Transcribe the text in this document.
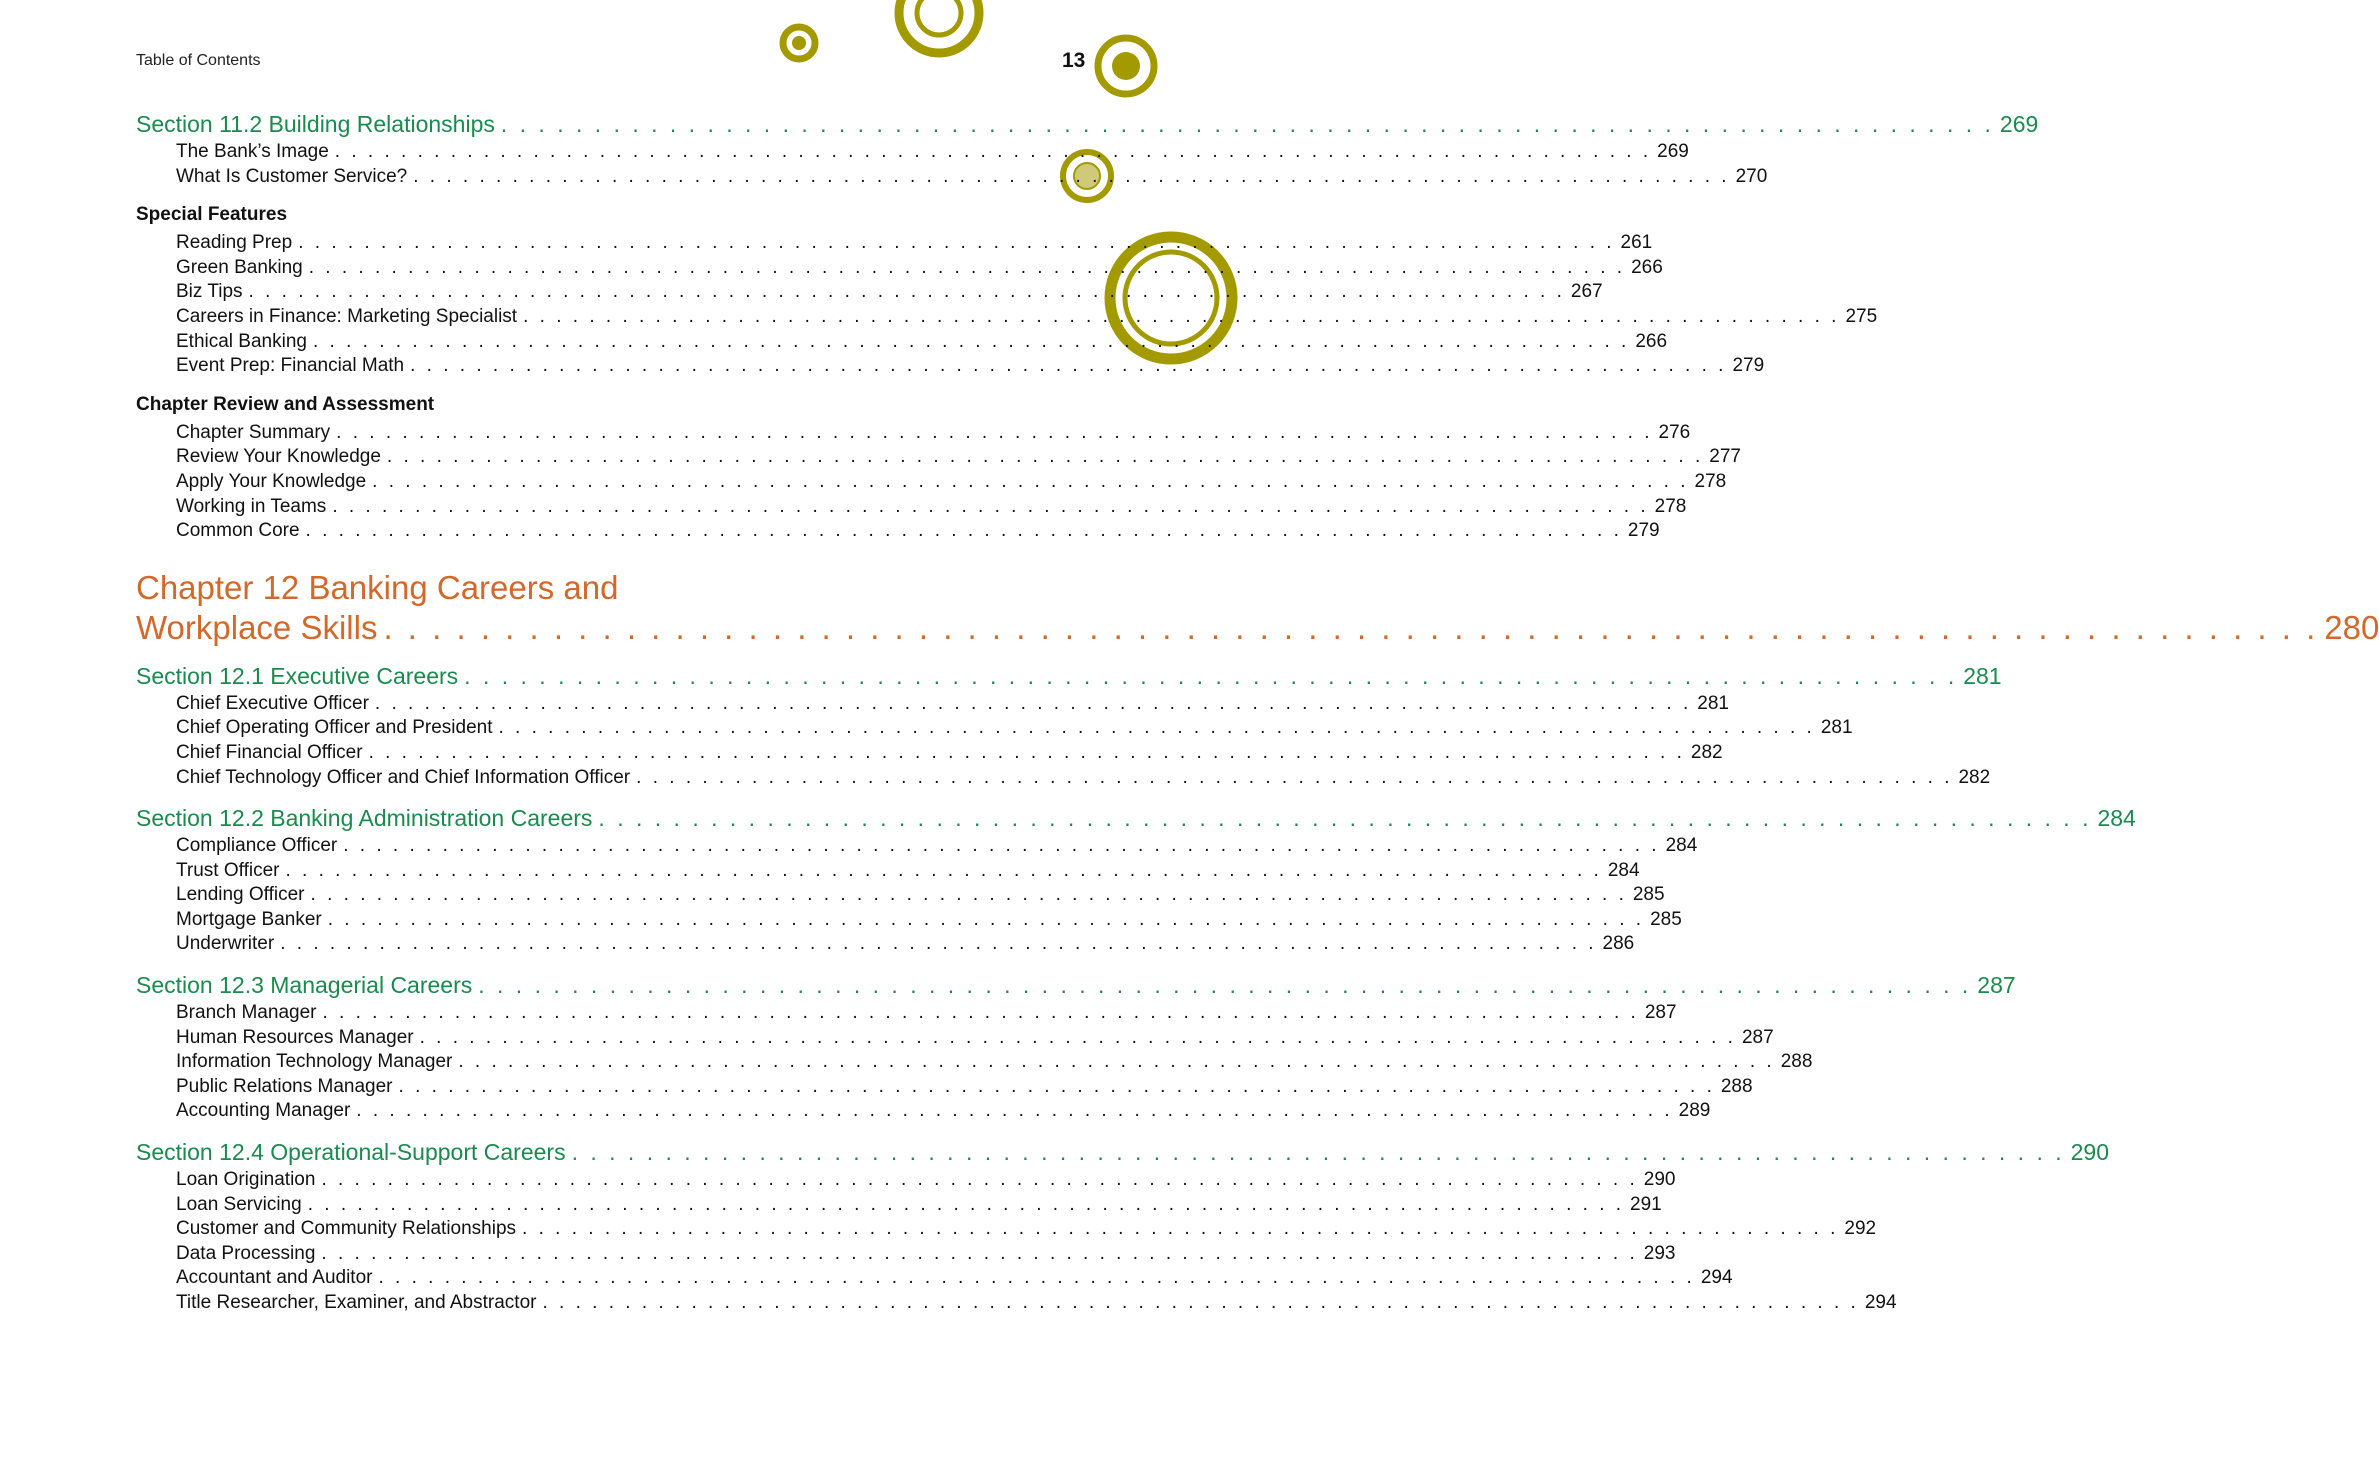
Table of Contents	13
Section 11.2 Building Relationships . . . . . . . . . . . . . . . . . . . . . . . . . . . . . . . . . . . . . . . . . . . . . . . . . . . . . . . . . . . . . . . . . . . . . . . . . . . . . . . . 269
The Bank’s Image . . . . . . . . . . . . . . . . . . . . . . . . . . . . . . . . . . . . . . . . . . . . . . . . . . . . . . . . . . . . . . . . . . . . . . . . . . . . . . . . 269
What Is Customer Service? . . . . . . . . . . . . . . . . . . . . . . . . . . . . . . . . . . . . . . . . . . . . . . . . . . . . . . . . . . . . . . . . . . . . . . . . . . . . . . . . 270
Special Features
Reading Prep . . . . . . . . . . . . . . . . . . . . . . . . . . . . . . . . . . . . . . . . . . . . . . . . . . . . . . . . . . . . . . . . . . . . . . . . . . . . . . . . 261
Green Banking . . . . . . . . . . . . . . . . . . . . . . . . . . . . . . . . . . . . . . . . . . . . . . . . . . . . . . . . . . . . . . . . . . . . . . . . . . . . . . . . 266
Biz Tips . . . . . . . . . . . . . . . . . . . . . . . . . . . . . . . . . . . . . . . . . . . . . . . . . . . . . . . . . . . . . . . . . . . . . . . . . . . . . . . . 267
Careers in Finance: Marketing Specialist . . . . . . . . . . . . . . . . . . . . . . . . . . . . . . . . . . . . . . . . . . . . . . . . . . . . . . . . . . . . . . . . . . . . . . . . . . . . . . . . 275
Ethical Banking . . . . . . . . . . . . . . . . . . . . . . . . . . . . . . . . . . . . . . . . . . . . . . . . . . . . . . . . . . . . . . . . . . . . . . . . . . . . . . . . 266
Event Prep: Financial Math . . . . . . . . . . . . . . . . . . . . . . . . . . . . . . . . . . . . . . . . . . . . . . . . . . . . . . . . . . . . . . . . . . . . . . . . . . . . . . . . 279
Chapter Review and Assessment
Chapter Summary . . . . . . . . . . . . . . . . . . . . . . . . . . . . . . . . . . . . . . . . . . . . . . . . . . . . . . . . . . . . . . . . . . . . . . . . . . . . . . . . 276
Review Your Knowledge . . . . . . . . . . . . . . . . . . . . . . . . . . . . . . . . . . . . . . . . . . . . . . . . . . . . . . . . . . . . . . . . . . . . . . . . . . . . . . . . 277
Apply Your Knowledge . . . . . . . . . . . . . . . . . . . . . . . . . . . . . . . . . . . . . . . . . . . . . . . . . . . . . . . . . . . . . . . . . . . . . . . . . . . . . . . . 278
Working in Teams . . . . . . . . . . . . . . . . . . . . . . . . . . . . . . . . . . . . . . . . . . . . . . . . . . . . . . . . . . . . . . . . . . . . . . . . . . . . . . . . 278
Common Core . . . . . . . . . . . . . . . . . . . . . . . . . . . . . . . . . . . . . . . . . . . . . . . . . . . . . . . . . . . . . . . . . . . . . . . . . . . . . . . . 279
Chapter 12 Banking Careers and
Workplace Skills . . . . . . . . . . . . . . . . . . . . . . . . . . . . . . . . . . . . . . . . . . . . . . . . . . . . . . . . . . . . . . . . . . . . . . . . . . . . . . . . 280
Section 12.1 Executive Careers . . . . . . . . . . . . . . . . . . . . . . . . . . . . . . . . . . . . . . . . . . . . . . . . . . . . . . . . . . . . . . . . . . . . . . . . . . . . . . . . 281
Chief Executive Officer . . . . . . . . . . . . . . . . . . . . . . . . . . . . . . . . . . . . . . . . . . . . . . . . . . . . . . . . . . . . . . . . . . . . . . . . . . . . . . . . 281
Chief Operating Officer and President . . . . . . . . . . . . . . . . . . . . . . . . . . . . . . . . . . . . . . . . . . . . . . . . . . . . . . . . . . . . . . . . . . . . . . . . . . . . . . . . 281
Chief Financial Officer . . . . . . . . . . . . . . . . . . . . . . . . . . . . . . . . . . . . . . . . . . . . . . . . . . . . . . . . . . . . . . . . . . . . . . . . . . . . . . . . 282
Chief Technology Officer and Chief Information Officer . . . . . . . . . . . . . . . . . . . . . . . . . . . . . . . . . . . . . . . . . . . . . . . . . . . . . . . . . . . . . . . . . . . . . . . . . . . . . . . . 282
Section 12.2 Banking Administration Careers . . . . . . . . . . . . . . . . . . . . . . . . . . . . . . . . . . . . . . . . . . . . . . . . . . . . . . . . . . . . . . . . . . . . . . . . . . . . . . . . 284
Compliance Officer . . . . . . . . . . . . . . . . . . . . . . . . . . . . . . . . . . . . . . . . . . . . . . . . . . . . . . . . . . . . . . . . . . . . . . . . . . . . . . . . 284
Trust Officer . . . . . . . . . . . . . . . . . . . . . . . . . . . . . . . . . . . . . . . . . . . . . . . . . . . . . . . . . . . . . . . . . . . . . . . . . . . . . . . . 284
Lending Officer . . . . . . . . . . . . . . . . . . . . . . . . . . . . . . . . . . . . . . . . . . . . . . . . . . . . . . . . . . . . . . . . . . . . . . . . . . . . . . . . 285
Mortgage Banker . . . . . . . . . . . . . . . . . . . . . . . . . . . . . . . . . . . . . . . . . . . . . . . . . . . . . . . . . . . . . . . . . . . . . . . . . . . . . . . . 285
Underwriter . . . . . . . . . . . . . . . . . . . . . . . . . . . . . . . . . . . . . . . . . . . . . . . . . . . . . . . . . . . . . . . . . . . . . . . . . . . . . . . . 286
Section 12.3 Managerial Careers . . . . . . . . . . . . . . . . . . . . . . . . . . . . . . . . . . . . . . . . . . . . . . . . . . . . . . . . . . . . . . . . . . . . . . . . . . . . . . . . 287
Branch Manager . . . . . . . . . . . . . . . . . . . . . . . . . . . . . . . . . . . . . . . . . . . . . . . . . . . . . . . . . . . . . . . . . . . . . . . . . . . . . . . . 287
Human Resources Manager . . . . . . . . . . . . . . . . . . . . . . . . . . . . . . . . . . . . . . . . . . . . . . . . . . . . . . . . . . . . . . . . . . . . . . . . . . . . . . . . 287
Information Technology Manager . . . . . . . . . . . . . . . . . . . . . . . . . . . . . . . . . . . . . . . . . . . . . . . . . . . . . . . . . . . . . . . . . . . . . . . . . . . . . . . . 288
Public Relations Manager . . . . . . . . . . . . . . . . . . . . . . . . . . . . . . . . . . . . . . . . . . . . . . . . . . . . . . . . . . . . . . . . . . . . . . . . . . . . . . . . 288
Accounting Manager . . . . . . . . . . . . . . . . . . . . . . . . . . . . . . . . . . . . . . . . . . . . . . . . . . . . . . . . . . . . . . . . . . . . . . . . . . . . . . . . 289
Section 12.4 Operational-Support Careers . . . . . . . . . . . . . . . . . . . . . . . . . . . . . . . . . . . . . . . . . . . . . . . . . . . . . . . . . . . . . . . . . . . . . . . . . . . . . . . . 290
Loan Origination . . . . . . . . . . . . . . . . . . . . . . . . . . . . . . . . . . . . . . . . . . . . . . . . . . . . . . . . . . . . . . . . . . . . . . . . . . . . . . . . 290
Loan Servicing . . . . . . . . . . . . . . . . . . . . . . . . . . . . . . . . . . . . . . . . . . . . . . . . . . . . . . . . . . . . . . . . . . . . . . . . . . . . . . . . 291
Customer and Community Relationships . . . . . . . . . . . . . . . . . . . . . . . . . . . . . . . . . . . . . . . . . . . . . . . . . . . . . . . . . . . . . . . . . . . . . . . . . . . . . . . . 292
Data Processing . . . . . . . . . . . . . . . . . . . . . . . . . . . . . . . . . . . . . . . . . . . . . . . . . . . . . . . . . . . . . . . . . . . . . . . . . . . . . . . . 293
Accountant and Auditor . . . . . . . . . . . . . . . . . . . . . . . . . . . . . . . . . . . . . . . . . . . . . . . . . . . . . . . . . . . . . . . . . . . . . . . . . . . . . . . . 294
Title Researcher, Examiner, and Abstractor . . . . . . . . . . . . . . . . . . . . . . . . . . . . . . . . . . . . . . . . . . . . . . . . . . . . . . . . . . . . . . . . . . . . . . . . . . . . . . . . 294
